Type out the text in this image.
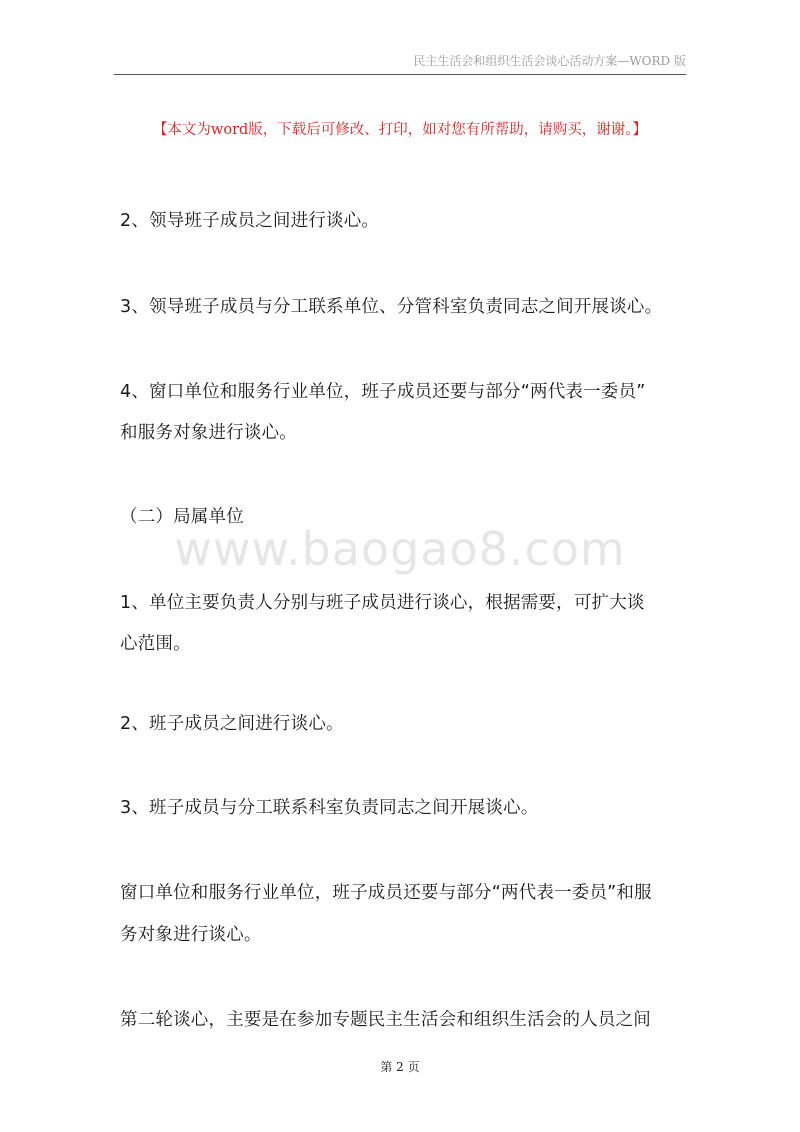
民主生活会和组织生活会谈心活动方案—WORD 版
【本文为word版，下载后可修改、打印，如对您有所帮助，请购买，谢谢。】
2、领导班子成员之间进行谈心。
3、领导班子成员与分工联系单位、分管科室负责同志之间开展谈心。
4、窗口单位和服务行业单位，班子成员还要与部分“两代表一委员”
和服务对象进行谈心。
（二）局属单位
www.baogao8.com
1、单位主要负责人分别与班子成员进行谈心，根据需要，可扩大谈
心范围。
2、班子成员之间进行谈心。
3、班子成员与分工联系科室负责同志之间开展谈心。
窗口单位和服务行业单位，班子成员还要与部分“两代表一委员”和服
务对象进行谈心。
第二轮谈心，主要是在参加专题民主生活会和组织生活会的人员之间
第 2 页
